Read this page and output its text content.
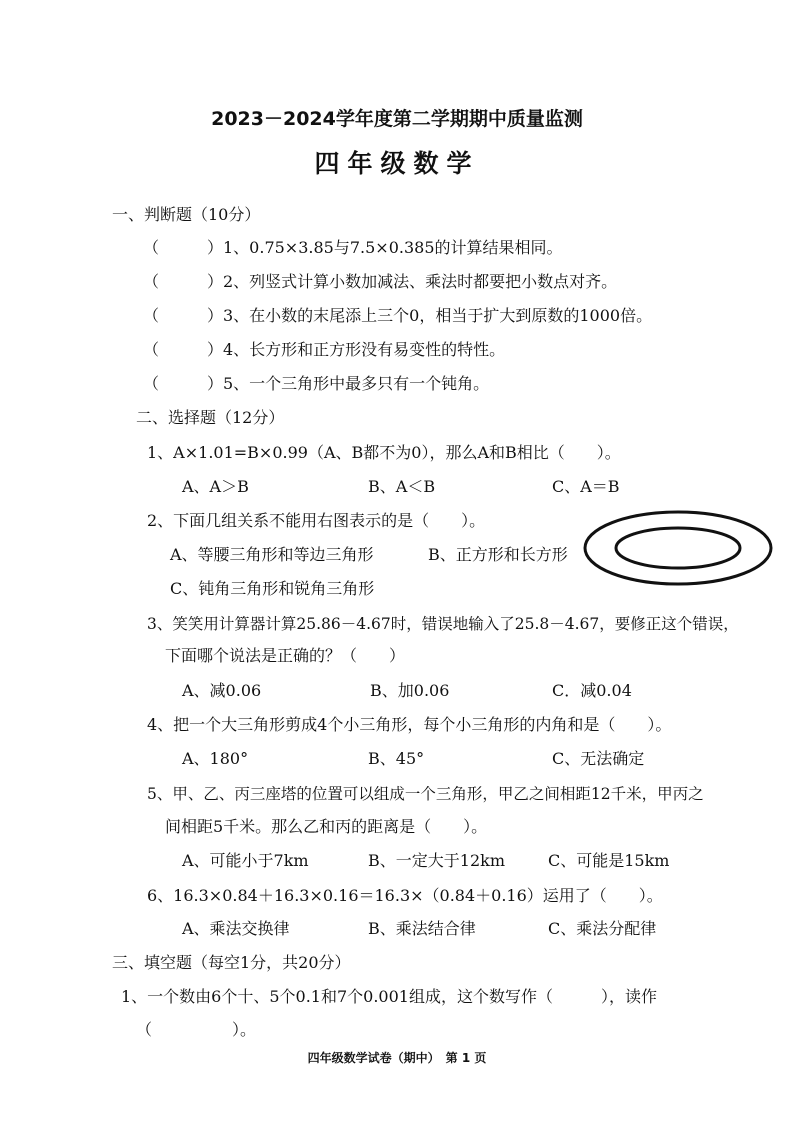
2023－2024学年度第二学期期中质量监测
四年级数学
一、判断题（10分）
（　　　）1、0.75×3.85与7.5×0.385的计算结果相同。
（　　　）2、列竖式计算小数加减法、乘法时都要把小数点对齐。
（　　　）3、在小数的末尾添上三个0，相当于扩大到原数的1000倍。
（　　　）4、长方形和正方形没有易变性的特性。
（　　　）5、一个三角形中最多只有一个钝角。
二、选择题（12分）
1、A×1.01=B×0.99（A、B都不为0），那么A和B相比（　　）。
A、A＞B	B、A＜B	C、A＝B
2、下面几组关系不能用右图表示的是（　　）。
A、等腰三角形和等边三角形	B、正方形和长方形
C、钝角三角形和锐角三角形
3、笑笑用计算器计算25.86－4.67时，错误地输入了25.8－4.67，要修正这个错误，
下面哪个说法是正确的？（　　）
A、减0.06	B、加0.06	C．减0.04
4、把一个大三角形剪成4个小三角形，每个小三角形的内角和是（　　）。
A、180°	B、45°	C、无法确定
5、甲、乙、丙三座塔的位置可以组成一个三角形，甲乙之间相距12千米，甲丙之
间相距5千米。那么乙和丙的距离是（　　）。
A、可能小于7km	B、一定大于12km	C、可能是15km
6、16.3×0.84＋16.3×0.16＝16.3×（0.84＋0.16）运用了（　　）。
A、乘法交换律	B、乘法结合律	C、乘法分配律
三、填空题（每空1分，共20分）
1、一个数由6个十、5个0.1和7个0.001组成，这个数写作（　　　），读作
（　　　　　）。
四年级数学试卷（期中）　第 1 页
